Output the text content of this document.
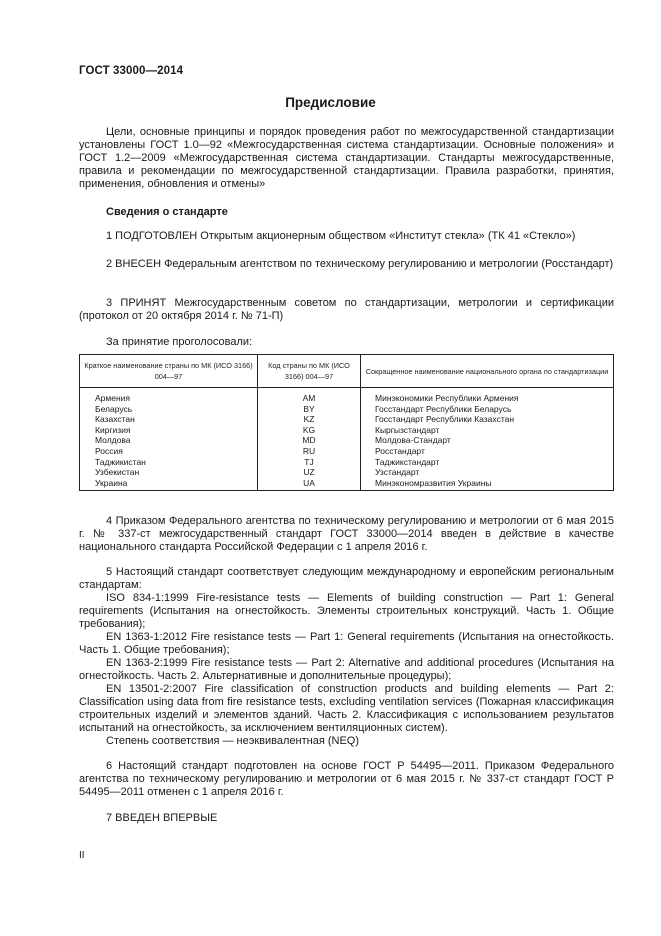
ГОСТ 33000—2014
Предисловие

Цели, основные принципы и порядок проведения работ по межгосударственной стандартизации установлены ГОСТ 1.0—92 «Межгосударственная система стандартизации. Основные положения» и ГОСТ 1.2—2009 «Межгосударственная система стандартизации. Стандарты межгосударственные, правила и рекомендации по межгосударственной стандартизации. Правила разработки, принятия, применения, обновления и отмены»

Сведения о стандарте

1 ПОДГОТОВЛЕН Открытым акционерным обществом «Институт стекла» (ТК 41 «Стекло»)

2 ВНЕСЕН Федеральным агентством по техническому регулированию и метрологии (Росстандарт)

3 ПРИНЯТ Межгосударственным советом по стандартизации, метрологии и сертификации (протокол от 20 октября 2014 г. № 71-П)

За принятие проголосовали:
Краткое наименование страны по МК (ИСО 3166) 004—97	Код страны по МК (ИСО 3166) 004—97	Сокращенное наименование национального органа по стандартизации
Армения	AM	Минэкономики Республики Армения
Беларусь	BY	Госстандарт Республики Беларусь
Казахстан	KZ	Госстандарт Республики Казахстан
Киргизия	KG	Кыргызстандарт
Молдова	MD	Молдова-Стандарт
Россия	RU	Росстандарт
Таджикистан	TJ	Таджикстандарт
Узбекистан	UZ	Узстандарт
Украина	UA	Минэкономразвития Украины

4 Приказом Федерального агентства по техническому регулированию и метрологии от 6 мая 2015 г. № 337-ст межгосударственный стандарт ГОСТ 33000—2014 введен в действие в качестве национального стандарта Российской Федерации с 1 апреля 2016 г.

5 Настоящий стандарт соответствует следующим международному и европейским региональным стандартам:

ISO 834-1:1999 Fire-resistance tests — Elements of building construction — Part 1: General requirements (Испытания на огнестойкость. Элементы строительных конструкций. Часть 1. Общие требования);

EN 1363-1:2012 Fire resistance tests — Part 1: General requirements (Испытания на огнестойкость. Часть 1. Общие требования);

EN 1363-2:1999 Fire resistance tests — Part 2: Alternative and additional procedures (Испытания на огнестойкость. Часть 2. Альтернативные и дополнительные процедуры);

EN 13501-2:2007 Fire classification of construction products and building elements — Part 2: Classification using data from fire resistance tests, excluding ventilation services (Пожарная классификация строительных изделий и элементов зданий. Часть 2. Классификация с использованием результатов испытаний на огнестойкость, за исключением вентиляционных систем).

Степень соответствия — неэквивалентная (NEQ)

6 Настоящий стандарт подготовлен на основе ГОСТ Р 54495—2011. Приказом Федерального агентства по техническому регулированию и метрологии от 6 мая 2015 г. № 337-ст стандарт ГОСТ Р 54495—2011 отменен с 1 апреля 2016 г.

7 ВВЕДЕН ВПЕРВЫЕ

II
